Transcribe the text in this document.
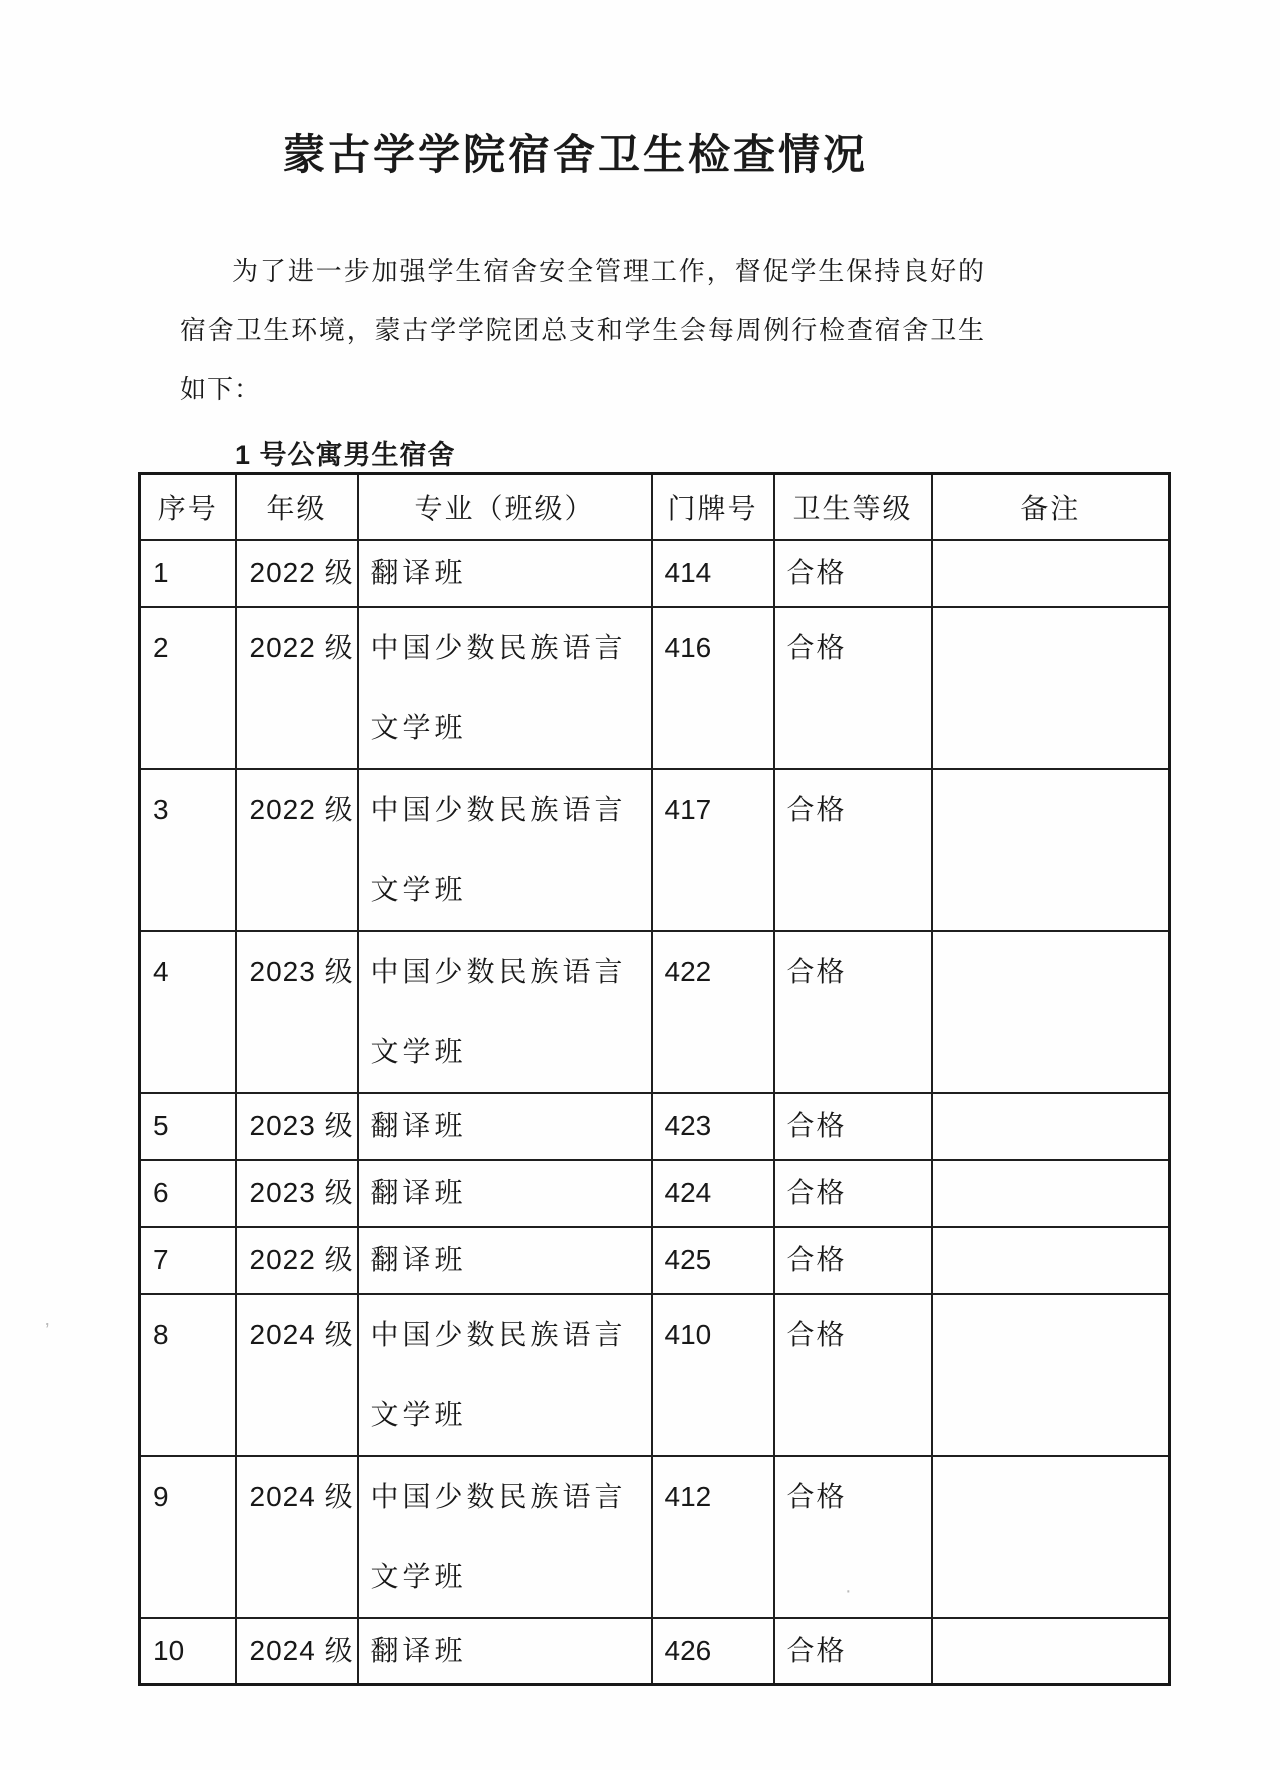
蒙古学学院宿舍卫生检查情况

为了进一步加强学生宿舍安全管理工作，督促学生保持良好的宿舍卫生环境，蒙古学学院团总支和学生会每周例行检查宿舍卫生如下：

1 号公寓男生宿舍
序号	年级	专业（班级）	门牌号	卫生等级	备注
1	2022 级	翻译班	414	合格	
2	2022 级	中国少数民族语言文学班	416	合格	
3	2022 级	中国少数民族语言文学班	417	合格	
4	2023 级	中国少数民族语言文学班	422	合格	
5	2023 级	翻译班	423	合格	
6	2023 级	翻译班	424	合格	
7	2022 级	翻译班	425	合格	
8	2024 级	中国少数民族语言文学班	410	合格	
9	2024 级	中国少数民族语言文学班	412	合格	
10	2024 级	翻译班	426	合格	
’
·
